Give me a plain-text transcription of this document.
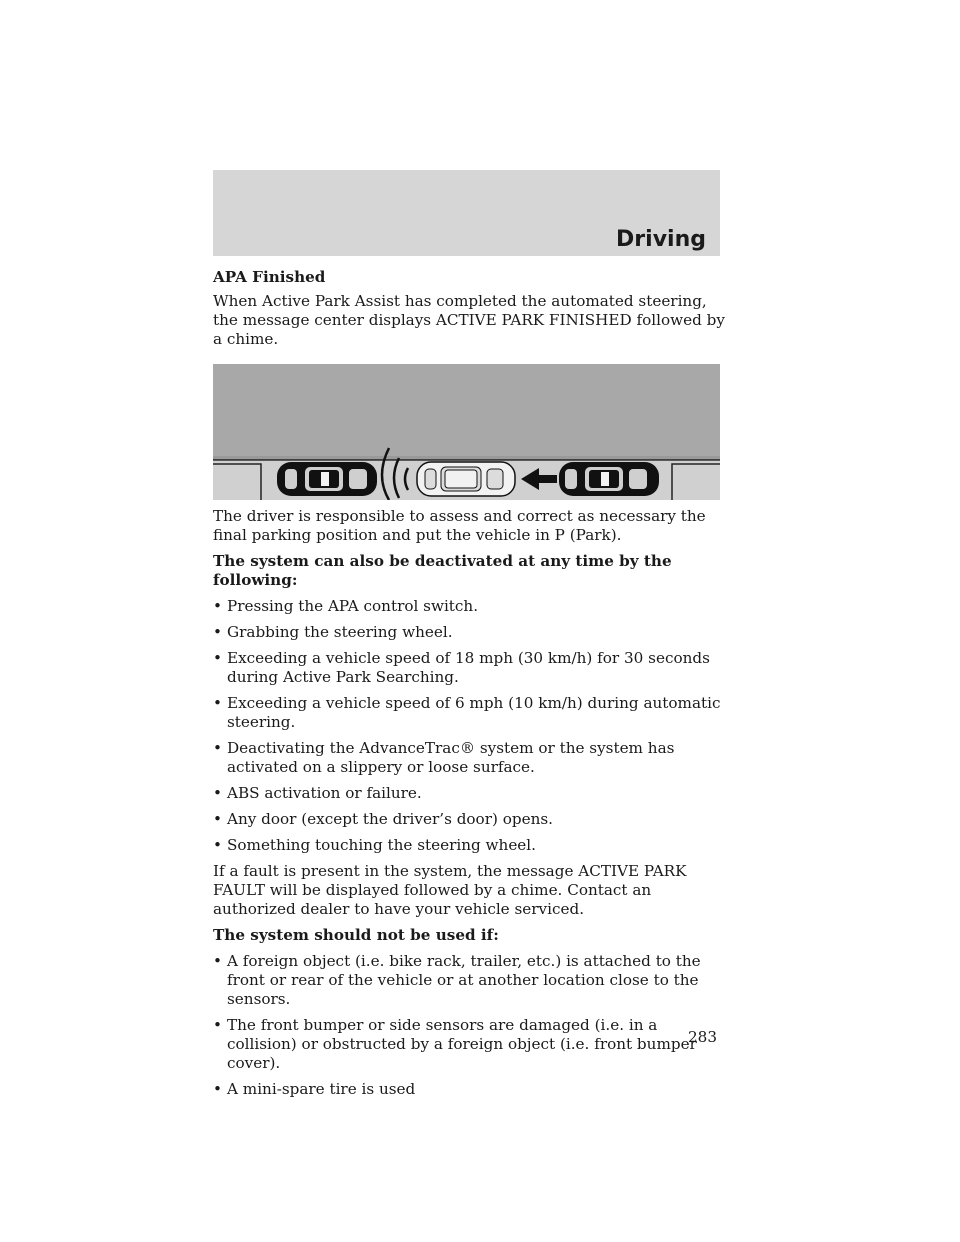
Driving

APA Finished

When Active Park Assist has completed the automated steering, the message center displays ACTIVE PARK FINISHED followed by a chime.

The driver is responsible to assess and correct as necessary the final parking position and put the vehicle in P (Park).

The system can also be deactivated at any time by the following:

• Pressing the APA control switch.
• Grabbing the steering wheel.
• Exceeding a vehicle speed of 18 mph (30 km/h) for 30 seconds during Active Park Searching.
• Exceeding a vehicle speed of 6 mph (10 km/h) during automatic steering.
• Deactivating the AdvanceTrac® system or the system has activated on a slippery or loose surface.
• ABS activation or failure.
• Any door (except the driver’s door) opens.
• Something touching the steering wheel.

If a fault is present in the system, the message ACTIVE PARK FAULT will be displayed followed by a chime. Contact an authorized dealer to have your vehicle serviced.

The system should not be used if:

• A foreign object (i.e. bike rack, trailer, etc.) is attached to the front or rear of the vehicle or at another location close to the sensors.
• The front bumper or side sensors are damaged (i.e. in a collision) or obstructed by a foreign object (i.e. front bumper cover).
• A mini-spare tire is used
283
